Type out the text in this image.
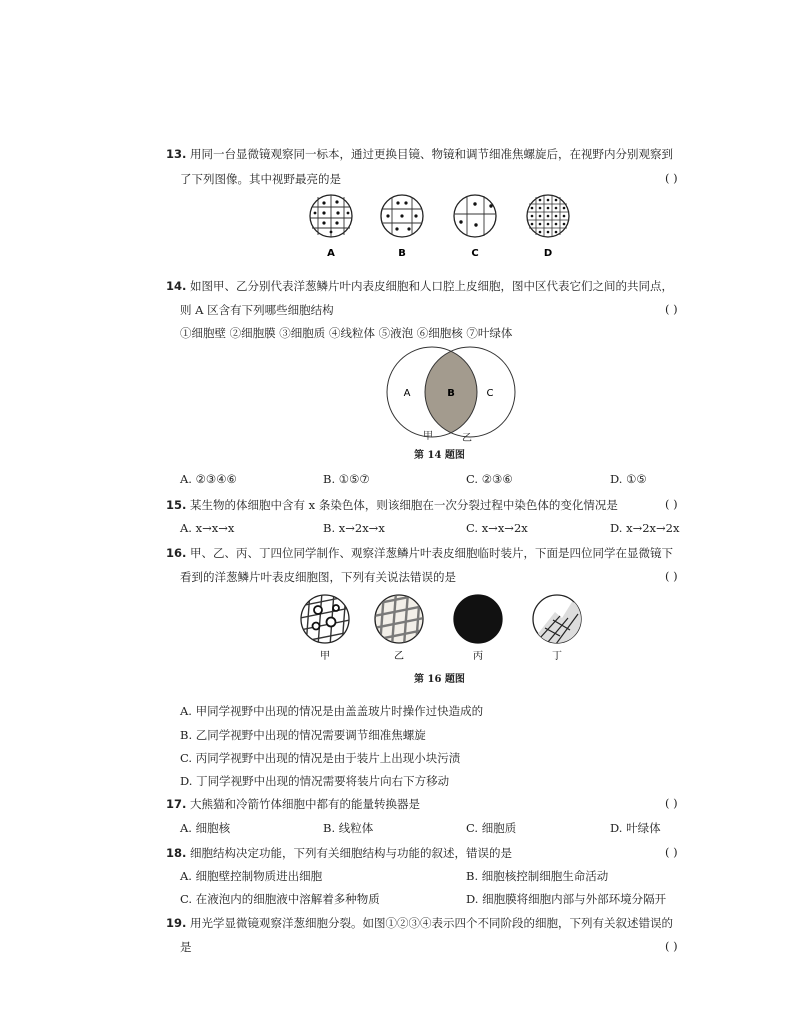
13. 用同一台显微镜观察同一标本，通过更换目镜、物镜和调节细准焦螺旋后，在视野内分别观察到
了下列图像。其中视野最亮的是	( )
A	B	C	D
14. 如图甲、乙分别代表洋葱鳞片叶内表皮细胞和人口腔上皮细胞，图中区代表它们之间的共同点，
则 A 区含有下列哪些细胞结构	( )
①细胞壁 ②细胞膜 ③细胞质 ④线粒体 ⑤液泡 ⑥细胞核 ⑦叶绿体
A	B	C
甲	乙
第 14 题图
A. ②③④⑥	B. ①⑤⑦	C. ②③⑥	D. ①⑤
15. 某生物的体细胞中含有 x 条染色体，则该细胞在一次分裂过程中染色体的变化情况是	( )
A. x→x→x	B. x→2x→x	C. x→x→2x	D. x→2x→2x
16. 甲、乙、丙、丁四位同学制作、观察洋葱鳞片叶表皮细胞临时装片，下面是四位同学在显微镜下
看到的洋葱鳞片叶表皮细胞图，下列有关说法错误的是	( )
甲	乙	丙	丁
第 16 题图
A. 甲同学视野中出现的情况是由盖盖玻片时操作过快造成的
B. 乙同学视野中出现的情况需要调节细准焦螺旋
C. 丙同学视野中出现的情况是由于装片上出现小块污渍
D. 丁同学视野中出现的情况需要将装片向右下方移动
17. 大熊猫和冷箭竹体细胞中都有的能量转换器是	( )
A. 细胞核	B. 线粒体	C. 细胞质	D. 叶绿体
18. 细胞结构决定功能，下列有关细胞结构与功能的叙述，错误的是	( )
A. 细胞壁控制物质进出细胞	B. 细胞核控制细胞生命活动
C. 在液泡内的细胞液中溶解着多种物质	D. 细胞膜将细胞内部与外部环境分隔开
19. 用光学显微镜观察洋葱细胞分裂。如图①②③④表示四个不同阶段的细胞，下列有关叙述错误的
是	( )
